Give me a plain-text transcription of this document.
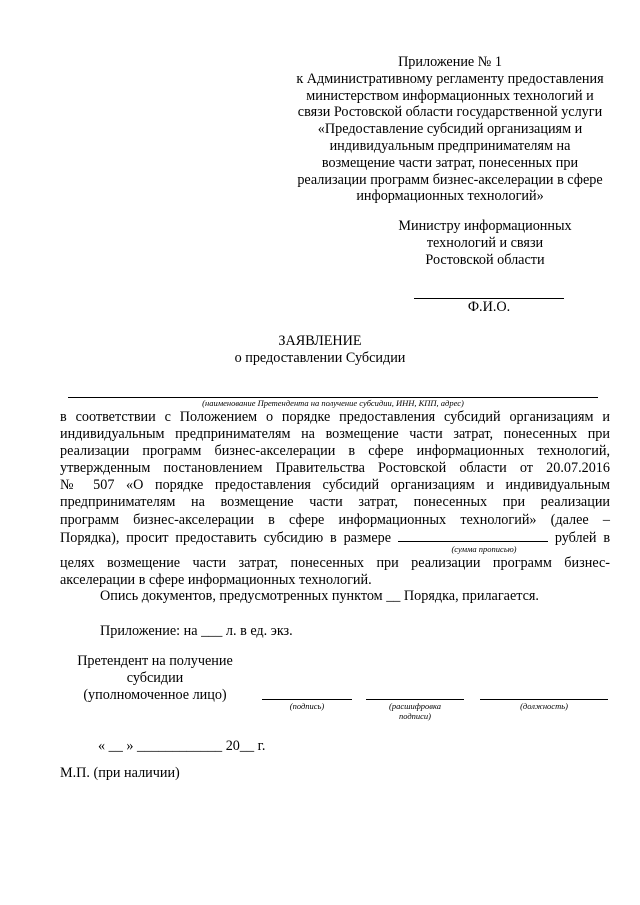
Приложение № 1
к Административному регламенту предоставления
министерством информационных технологий и
связи Ростовской области государственной услуги
«Предоставление субсидий организациям и
индивидуальным предпринимателям на
возмещение части затрат, понесенных при
реализации программ бизнес-акселерации в сфере
информационных технологий»
Министру информационных
технологий и связи
Ростовской области
Ф.И.О.
ЗАЯВЛЕНИЕ
о предоставлении Субсидии
(наименование Претендента на получение субсидии, ИНН, КПП, адрес)
в соответствии с Положением о порядке предоставления субсидий организациям и
индивидуальным предпринимателям на возмещение части затрат, понесенных при
реализации программ бизнес-акселерации в сфере информационных технологий,
утвержденным постановлением Правительства Ростовской области от 20.07.2016
№ 507 «О порядке предоставления субсидий организациям и индивидуальным
предпринимателям на возмещение части затрат, понесенных при реализации
программ бизнес-акселерации в сфере информационных технологий» (далее –
Порядка), просит предоставить субсидию в размере	рублей в
(сумма прописью)
целях возмещение части затрат, понесенных при реализации программ бизнес-
акселерации в сфере информационных технологий.
Опись документов, предусмотренных пунктом __ Порядка, прилагается.
Приложение: на ___ л. в ед. экз.
Претендент на получение
субсидии
(уполномоченное лицо)
(подпись)	(расшифровка
подписи)
(должность)
« __ » ____________ 20__ г.
М.П. (при наличии)
